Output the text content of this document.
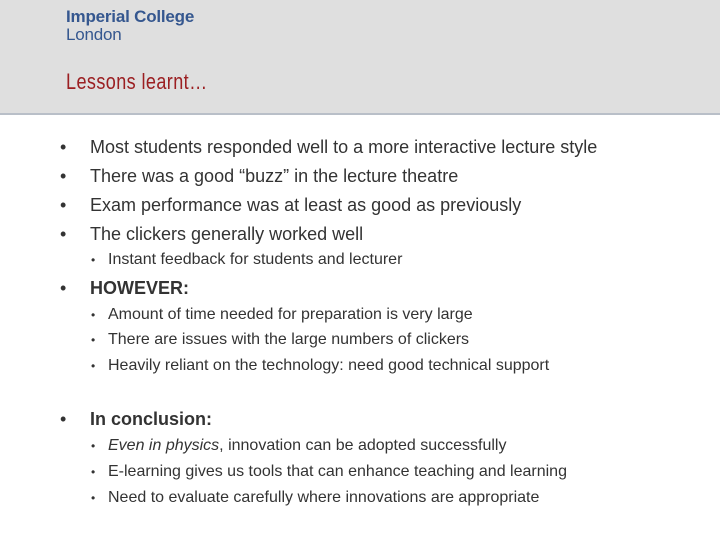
Imperial College
London
Lessons learnt…
• Most students responded well to a more interactive lecture style
• There was a good “buzz” in the lecture theatre
• Exam performance was at least as good as previously
• The clickers generally worked well
• Instant feedback for students and lecturer
• HOWEVER:
• Amount of time needed for preparation is very large
• There are issues with the large numbers of clickers
• Heavily reliant on the technology: need good technical support
• In conclusion:
• Even in physics, innovation can be adopted successfully
• E-learning gives us tools that can enhance teaching and learning
• Need to evaluate carefully where innovations are appropriate
